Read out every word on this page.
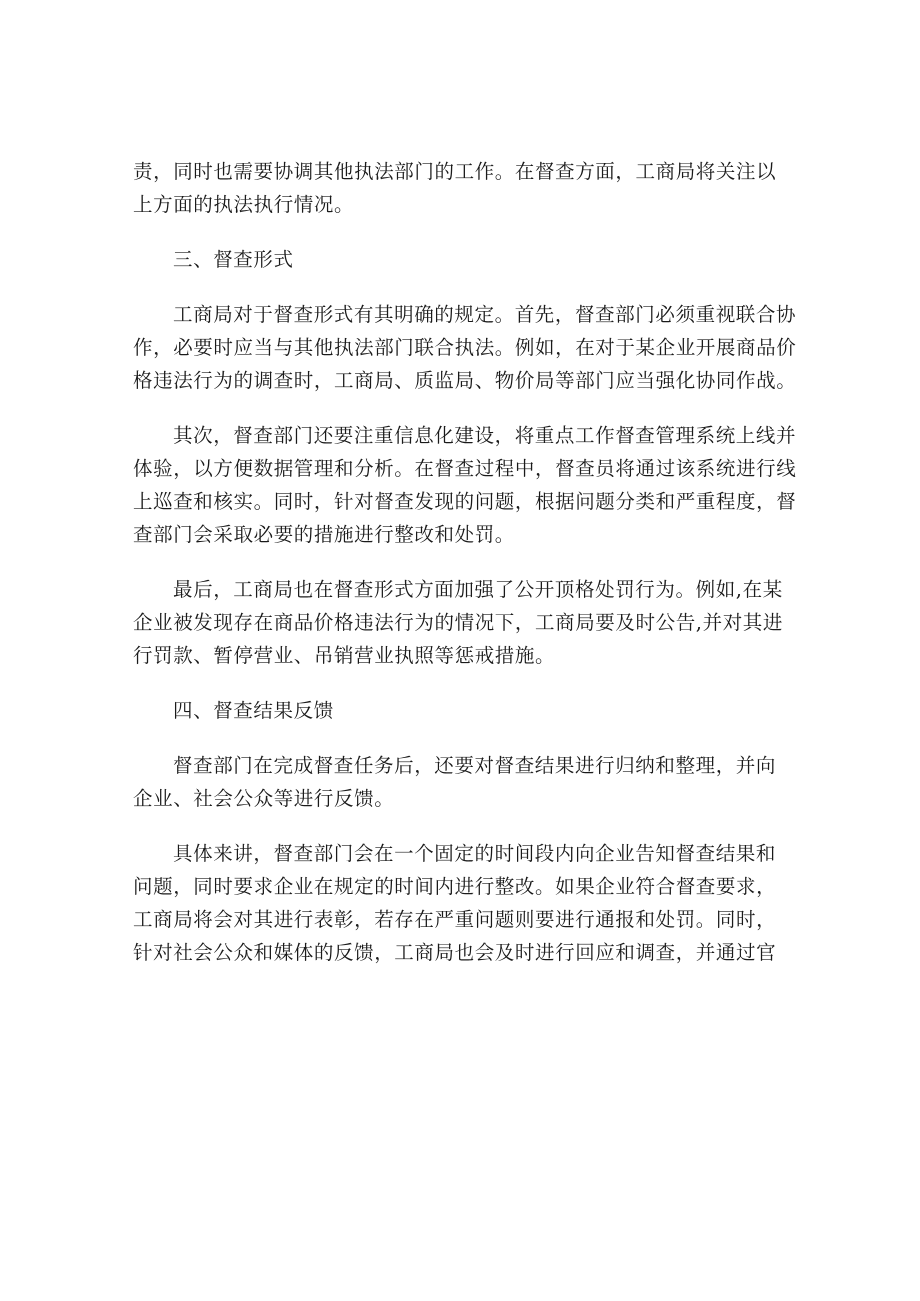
责，同时也需要协调其他执法部门的工作。在督查方面，工商局将关注以
上方面的执法执行情况。
三、督查形式
工商局对于督查形式有其明确的规定。首先，督查部门必须重视联合协
作，必要时应当与其他执法部门联合执法。例如，在对于某企业开展商品价
格违法行为的调查时，工商局、质监局、物价局等部门应当强化协同作战。
其次，督查部门还要注重信息化建设，将重点工作督查管理系统上线并
体验，以方便数据管理和分析。在督查过程中，督查员将通过该系统进行线
上巡查和核实。同时，针对督查发现的问题，根据问题分类和严重程度，督
查部门会采取必要的措施进行整改和处罚。
最后，工商局也在督查形式方面加强了公开顶格处罚行为。例如,在某
企业被发现存在商品价格违法行为的情况下，工商局要及时公告,并对其进
行罚款、暂停营业、吊销营业执照等惩戒措施。
四、督查结果反馈
督查部门在完成督查任务后，还要对督查结果进行归纳和整理，并向
企业、社会公众等进行反馈。
具体来讲，督查部门会在一个固定的时间段内向企业告知督查结果和
问题，同时要求企业在规定的时间内进行整改。如果企业符合督查要求，
工商局将会对其进行表彰，若存在严重问题则要进行通报和处罚。同时，
针对社会公众和媒体的反馈，工商局也会及时进行回应和调查，并通过官
